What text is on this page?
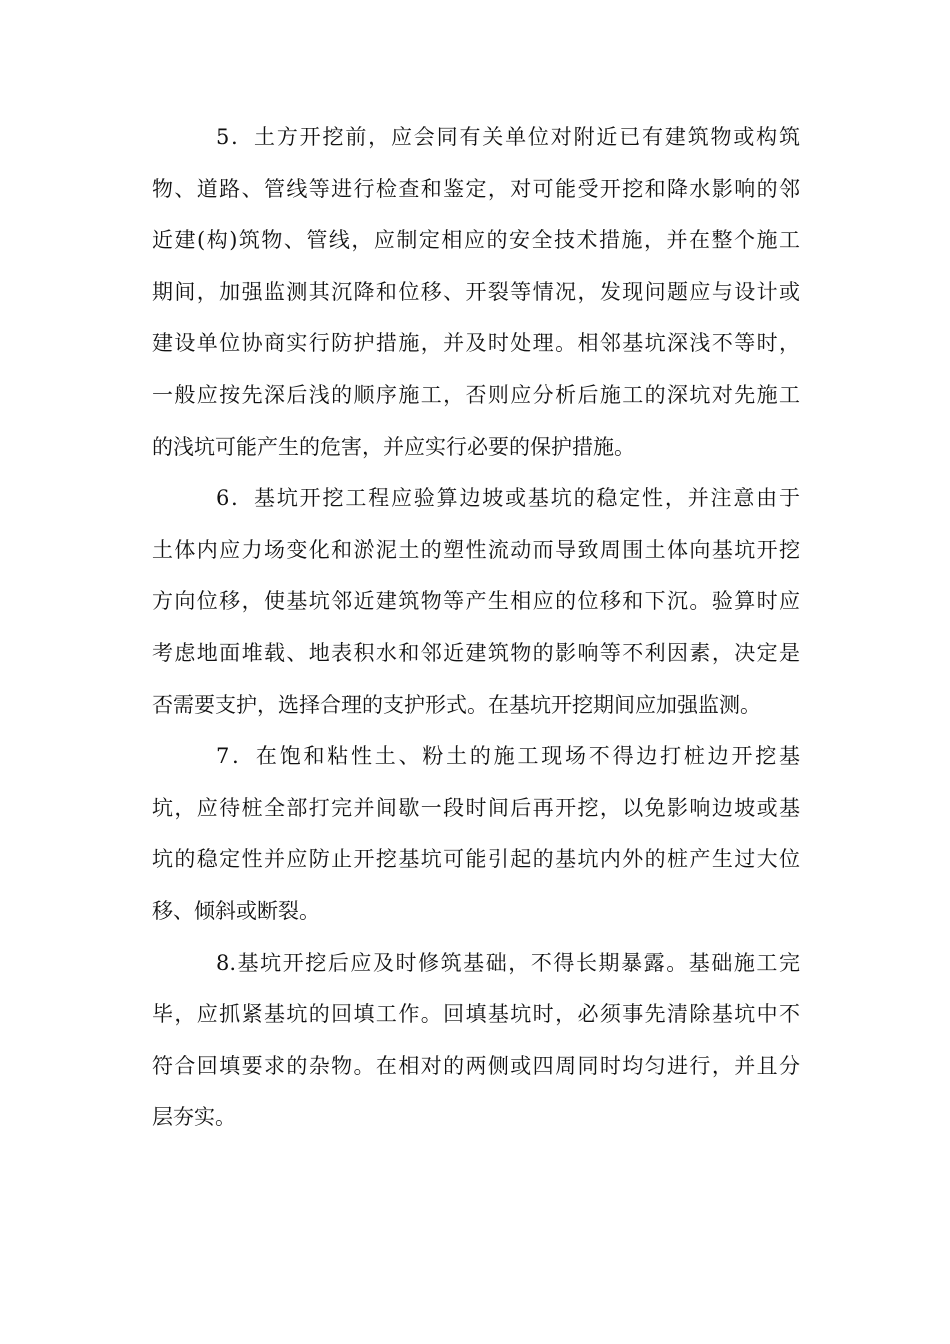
5．土方开挖前，应会同有关单位对附近已有建筑物或构筑
物、道路、管线等进行检查和鉴定，对可能受开挖和降水影响的邻
近建(构)筑物、管线，应制定相应的安全技术措施，并在整个施工
期间，加强监测其沉降和位移、开裂等情况，发现问题应与设计或
建设单位协商实行防护措施，并及时处理。相邻基坑深浅不等时，
一般应按先深后浅的顺序施工，否则应分析后施工的深坑对先施工
的浅坑可能产生的危害，并应实行必要的保护措施。
6．基坑开挖工程应验算边坡或基坑的稳定性，并注意由于
土体内应力场变化和淤泥土的塑性流动而导致周围土体向基坑开挖
方向位移，使基坑邻近建筑物等产生相应的位移和下沉。验算时应
考虑地面堆载、地表积水和邻近建筑物的影响等不利因素，决定是
否需要支护，选择合理的支护形式。在基坑开挖期间应加强监测。
7．在饱和粘性土、粉土的施工现场不得边打桩边开挖基
坑，应待桩全部打完并间歇一段时间后再开挖，以免影响边坡或基
坑的稳定性并应防止开挖基坑可能引起的基坑内外的桩产生过大位
移、倾斜或断裂。
8.基坑开挖后应及时修筑基础，不得长期暴露。基础施工完
毕，应抓紧基坑的回填工作。回填基坑时，必须事先清除基坑中不
符合回填要求的杂物。在相对的两侧或四周同时均匀进行，并且分
层夯实。
